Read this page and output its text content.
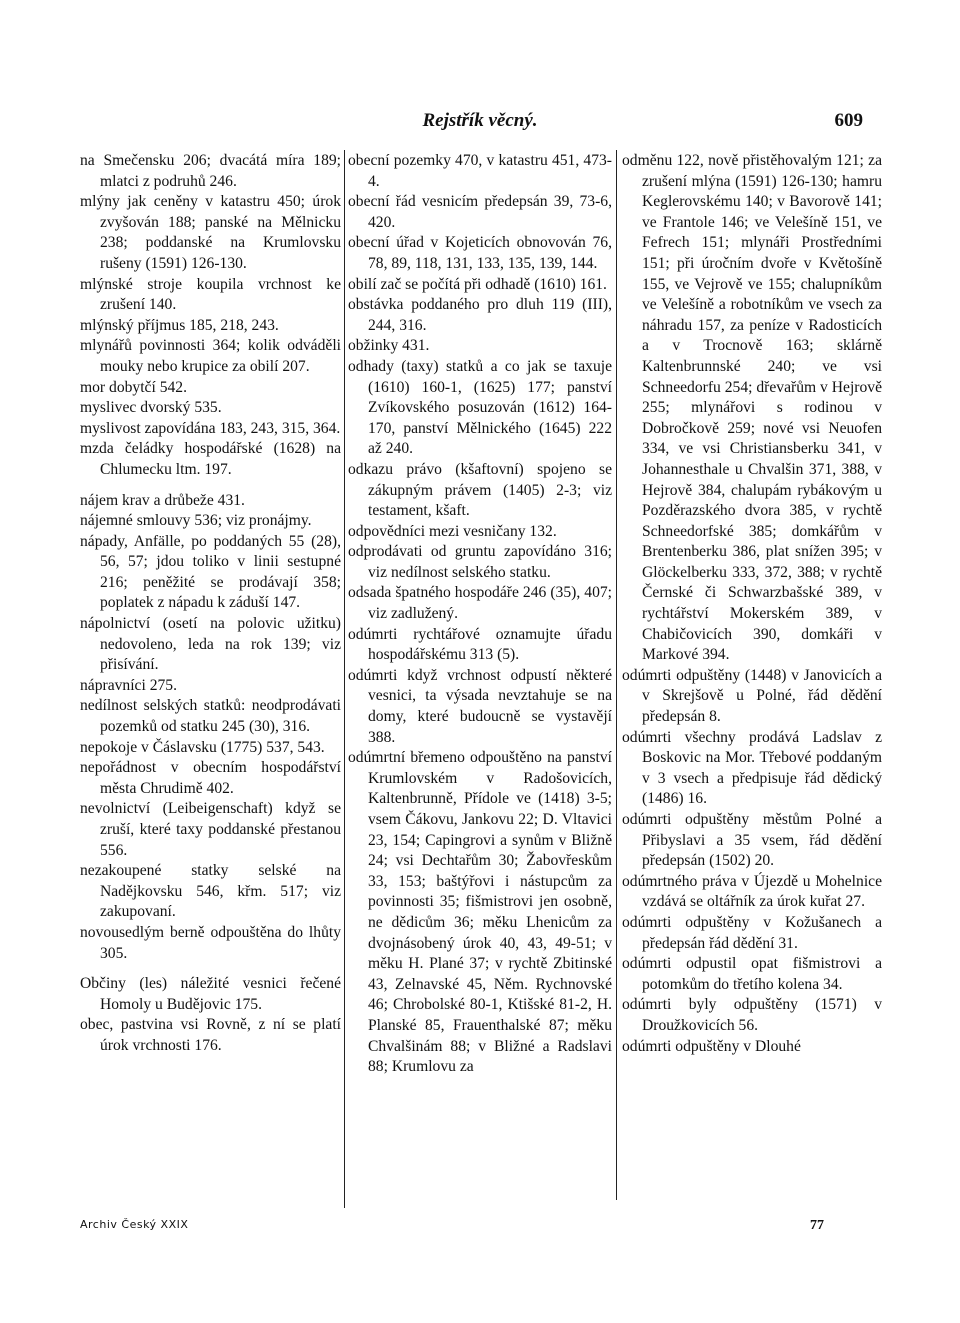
Rejstřík věcný.	609

na Smečensku 206; dvacátá míra 189; mlatci z podruhů 246.

mlýny jak ceněny v katastru 450; úrok zvyšován 188; panské na Mělnicku 238; poddanské na Krumlovsku rušeny (1591) 126-130.

mlýnské stroje koupila vrchnost ke zrušení 140.

mlýnský příjmus 185, 218, 243.

mlynářů povinnosti 364; kolik odváděli mouky nebo krupice za obilí 207.

mor dobytčí 542.

myslivec dvorský 535.

myslivost zapovídána 183, 243, 315, 364.

mzda čeládky hospodářské (1628) na Chlumecku ltm. 197.

nájem krav a drůbeže 431.

nájemné smlouvy 536; viz pronájmy.

nápady, Anfälle, po poddaných 55 (28), 56, 57; jdou toliko v linii sestupné 216; peněžité se prodávají 358; poplatek z nápadu k záduší 147.

nápolnictví (osetí na polovic užitku) nedovoleno, leda na rok 139; viz přisívání.

nápravníci 275.

nedílnost selských statků: neodprodávati pozemků od statku 245 (30), 316.

nepokoje v Čáslavsku (1775) 537, 543.

nepořádnost v obecním hospodářství města Chrudimě 402.

nevolnictví (Leibeigenschaft) když se zruší, které taxy poddanské přestanou 556.

nezakoupené statky selské na Nadějkovsku 546, křm. 517; viz zakupovaní.

novousedlým berně odpouštěna do lhůty 305.

Občiny (les) náležité vesnici řečené Homoly u Budějovic 175.

obec, pastvina vsi Rovně, z ní se platí úrok vrchnosti 176.

obecní pozemky 470, v katastru 451, 473-4.

obecní řád vesnicím předepsán 39, 73-6, 420.

obecní úřad v Kojeticích obnovován 76, 78, 89, 118, 131, 133, 135, 139, 144.

obilí zač se počítá při odhadě (1610) 161.

obstávka poddaného pro dluh 119 (III), 244, 316.

obžinky 431.

odhady (taxy) statků a co jak se taxuje (1610) 160-1, (1625) 177; panství Zvíkovského posuzován (1612) 164-170, panství Mělnického (1645) 222 až 240.

odkazu právo (kšaftovní) spojeno se zákupným právem (1405) 2-3; viz testament, kšaft.

odpovědníci mezi vesničany 132.

odprodávati od gruntu zapovídáno 316; viz nedílnost selského statku.

odsada špatného hospodáře 246 (35), 407; viz zadlužený.

odúmrti rychtářové oznamujte úřadu hospodářskému 313 (5).

odúmrti když vrchnost odpustí některé vesnici, ta výsada nevztahuje se na domy, které budoucně se vystavějí 388.

odúmrtní břemeno odpouštěno na panství Krumlovském v Radošovicích, Kaltenbrunně, Přídole ve (1418) 3-5; vsem Čákovu, Jankovu 22; D. Vltavici 23, 154; Capingrovi a synům v Bližně 24; vsi Dechtařům 30; Žabovřeskům 33, 153; baštýřovi i nástupcům za povinnosti 35; fišmistrovi jen osobně, ne dědicům 36; měku Lhenicům za dvojnásobený úrok 40, 43, 49-51; v měku H. Plané 37; v rychtě Zbitinské 43, Zelnavské 45, Něm. Rychnovské 46; Chrobolské 80-1, Ktišské 81-2, H. Planské 85, Frauenthalské 87; měku Chvalšinám 88; v Bližné a Radslavi 88; Krumlovu za

odměnu 122, nově přistěhovalým 121; za zrušení mlýna (1591) 126-130; hamru Keglerovskému 140; v Bavorově 141; ve Frantole 146; ve Velešíně 151, ve Fefrech 151; mlynáři Prostředními 151; při úročním dvoře v Květošíně 155, ve Vejrově ve 155; chalupníkům ve Velešíně a robotníkům ve vsech za náhradu 157, za peníze v Radosticích a v Trocnově 163; sklárně Kaltenbrunnské 240; ve vsi Schneedorfu 254; dřevařům v Hejrově 255; mlynářovi s rodinou v Dobročkově 259; nové vsi Neuofen 334, ve vsi Christiansberku 341, v Johannesthale u Chvalšin 371, 388, v Hejrově 384, chalupám rybákovým u Pozděrazského dvora 385, v rychtě Schneedorfské 385; domkářům v Brentenberku 386, plat snížen 395; v Glöckelberku 333, 372, 388; v rychtě Černské či Schwarzbašské 389, v rychtářství Mokerském 389, v Chabičovicích 390, domkáři v Markové 394.

odúmrti odpuštěny (1448) v Janovicích a v Skrejšově u Polné, řád dědění předepsán 8.

odúmrti všechny prodává Ladslav z Boskovic na Mor. Třebové poddaným v 3 vsech a předpisuje řád dědický (1486) 16.

odúmrti odpuštěny městům Polné a Přibyslavi a 35 vsem, řád dědění předepsán (1502) 20.

odúmrtného práva v Újezdě u Mohelnice vzdává se oltářník za úrok kuřat 27.

odúmrti odpuštěny v Kožušanech a předepsán řád dědění 31.

odúmrti odpustil opat fišmistrovi a potomkům do třetího kolena 34.

odúmrti byly odpuštěny (1571) v Droužkovicích 56.

odúmrti odpuštěny v Dlouhé

Archiv Český XXIX	77
